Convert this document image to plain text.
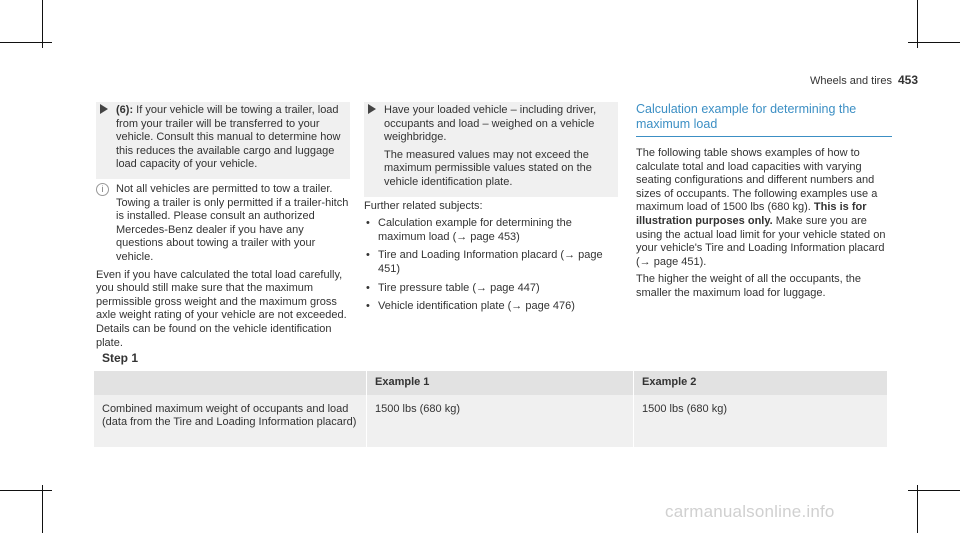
Wheels and tires 453

(6): If your vehicle will be towing a trailer, load from your trailer will be transferred to your vehicle. Consult this manual to determine how this reduces the available cargo and luggage load capacity of your vehicle.

i	Not all vehicles are permitted to tow a trailer. Towing a trailer is only permitted if a trailer-hitch is installed. Please consult an authorized Mercedes-Benz dealer if you have any questions about towing a trailer with your vehicle.

Even if you have calculated the total load carefully, you should still make sure that the maximum permissible gross weight and the maximum gross axle weight rating of your vehicle are not exceeded. Details can be found on the vehicle identification plate.

Have your loaded vehicle – including driver, occupants and load – weighed on a vehicle weighbridge.

The measured values may not exceed the maximum permissible values stated on the vehicle identification plate.

Further related subjects:

• Calculation example for determining the maximum load (→ page 453)
• Tire and Loading Information placard (→ page 451)
• Tire pressure table (→ page 447)
• Vehicle identification plate (→ page 476)
Calculation example for determining the maximum load

The following table shows examples of how to calculate total and load capacities with varying seating configurations and different numbers and sizes of occupants. The following examples use a maximum load of 1500 lbs (680 kg). This is for illustration purposes only. Make sure you are using the actual load limit for your vehicle stated on your vehicle's Tire and Loading Information placard (→ page 451).

The higher the weight of all the occupants, the smaller the maximum load for luggage.

Step 1
	Example 1	Example 2
Combined maximum weight of occupants and load (data from the Tire and Loading Information placard)	1500 lbs (680 kg)	1500 lbs (680 kg)
carmanualsonline.info
